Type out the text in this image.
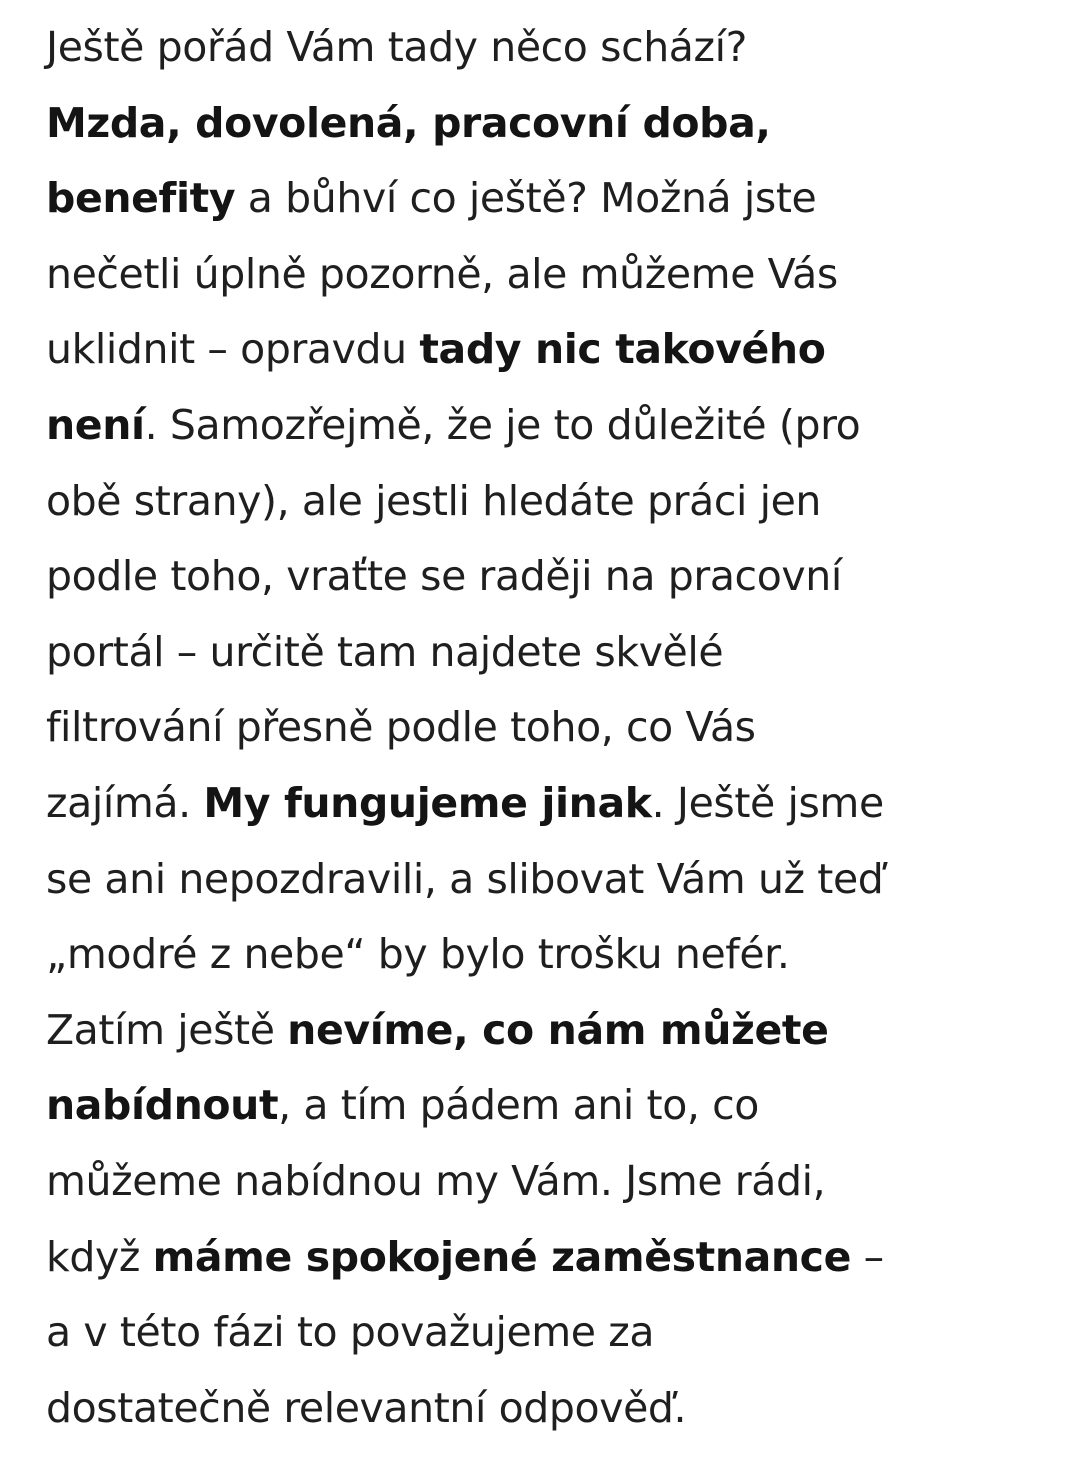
Ještě pořád Vám tady něco schází?
Mzda, dovolená, pracovní doba,
benefity a bůhví co ještě? Možná jste
nečetli úplně pozorně, ale můžeme Vás
uklidnit – opravdu tady nic takového
není. Samozřejmě, že je to důležité (pro
obě strany), ale jestli hledáte práci jen
podle toho, vraťte se raději na pracovní
portál – určitě tam najdete skvělé
filtrování přesně podle toho, co Vás
zajímá. My fungujeme jinak. Ještě jsme
se ani nepozdravili, a slibovat Vám už teď
„modré z nebe“ by bylo trošku nefér.
Zatím ještě nevíme, co nám můžete
nabídnout, a tím pádem ani to, co
můžeme nabídnou my Vám. Jsme rádi,
když máme spokojené zaměstnance –
a v této fázi to považujeme za
dostatečně relevantní odpověď.
